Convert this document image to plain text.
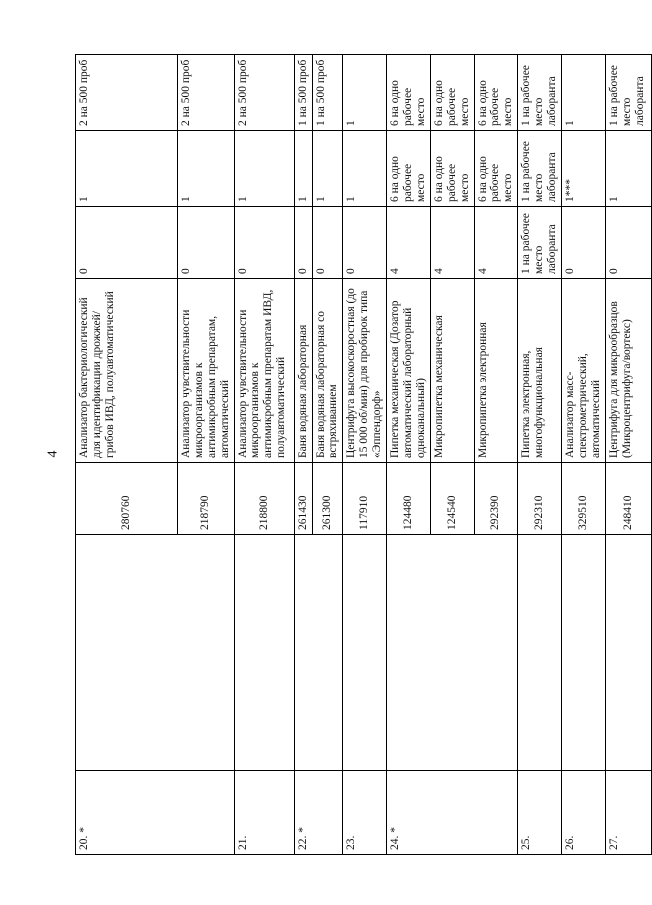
4
20. *		280760	Анализатор бактериологический для идентификации дрожжей/грибов ИВД, полуавтоматический	0	1	2 на 500 проб
		218790	Анализатор чувствительности микроорганизмов к антимикробным препаратам, автоматический	0	1	2 на 500 проб
21.		218800	Анализатор чувствительности микроорганизмов к антимикробным препаратам ИВД, полуавтоматический	0	1	2 на 500 проб
22. *		261430	Баня водяная лабораторная	0	1	1 на 500 проб
		261300	Баня водяная лабораторная со встряхиванием	0	1	1 на 500 проб
23.		117910	Центрифуга высокоскоростная (до 15 000 об/мин) для пробирок типа «Эппендорф»	0	1	1
24. *		124480	Пипетка механическая (Дозатор автоматический лабораторный одноканальный)	4	6 на одно рабочее место	6 на одно рабочее место
		124540	Микропипетка механическая	4	6 на одно рабочее место	6 на одно рабочее место
		292390	Микропипетка электронная	4	6 на одно рабочее место	6 на одно рабочее место
25.		292310	Пипетка электронная, многофункциональная	1 на рабочее место лаборанта	1 на рабочее место лаборанта	1 на рабочее место лаборанта
26.		329510	Анализатор масс-спектрометрический, автоматический	0	1***	1
27.		248410	Центрифуга для микрообразцов (Микроцентрифуга/вортекс)	0	1	1 на рабочее место лаборанта
